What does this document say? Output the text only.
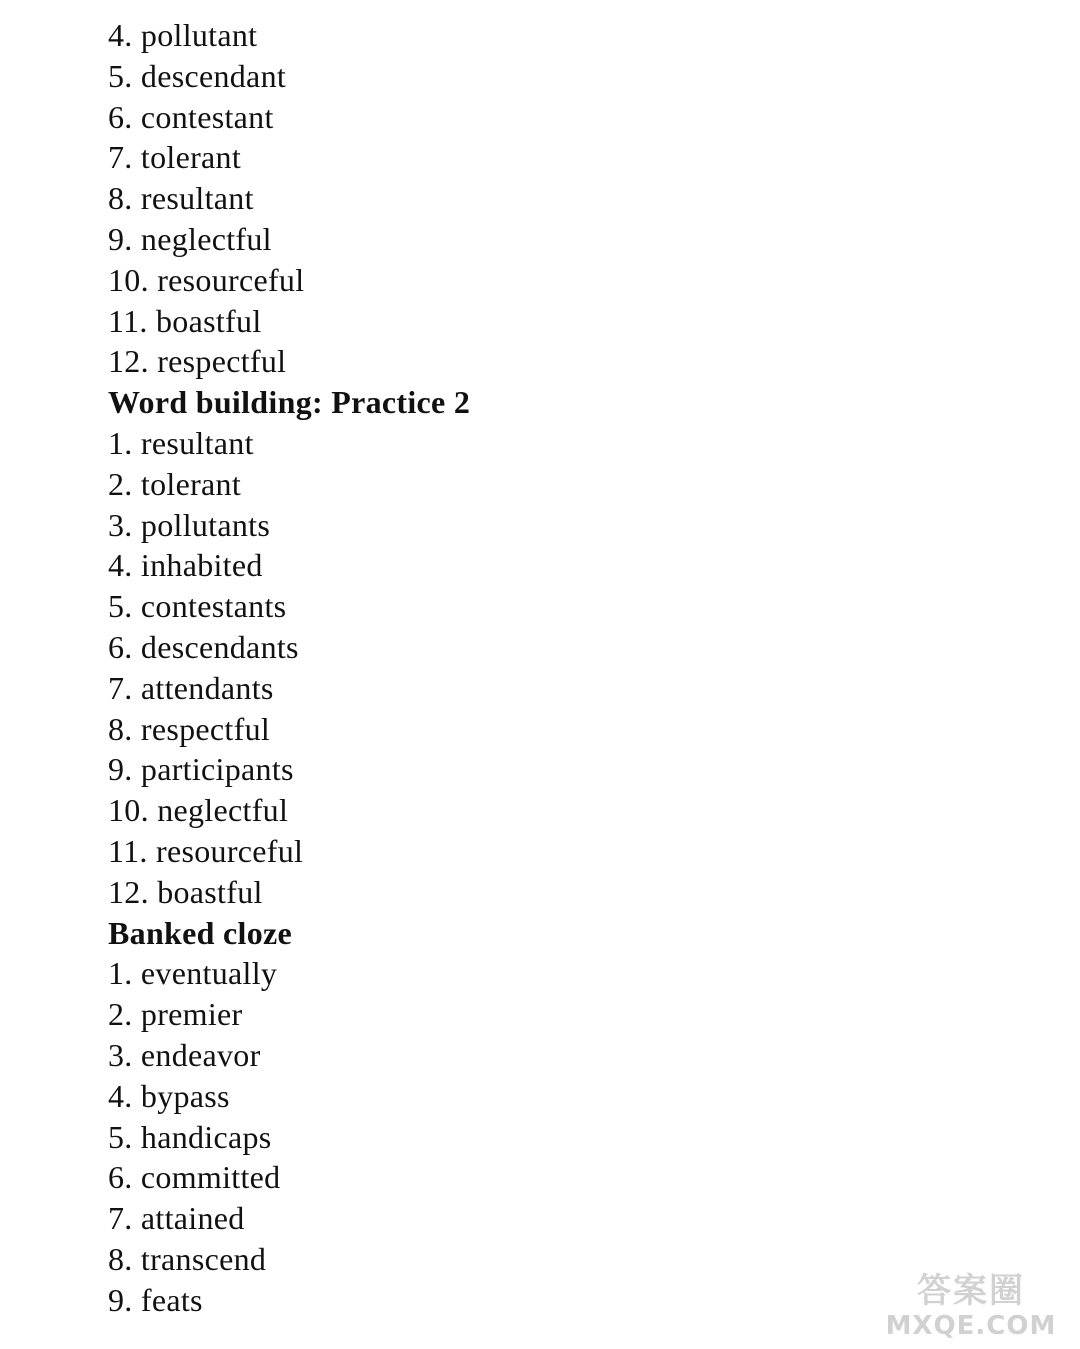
4. pollutant
5. descendant
6. contestant
7. tolerant
8. resultant
9. neglectful
10. resourceful
11. boastful
12. respectful
Word building: Practice 2
1. resultant
2. tolerant
3. pollutants
4. inhabited
5. contestants
6. descendants
7. attendants
8. respectful
9. participants
10. neglectful
11. resourceful
12. boastful
Banked cloze
1. eventually
2. premier
3. endeavor
4. bypass
5. handicaps
6. committed
7. attained
8. transcend
9. feats	答案圈
MXQE.COM
